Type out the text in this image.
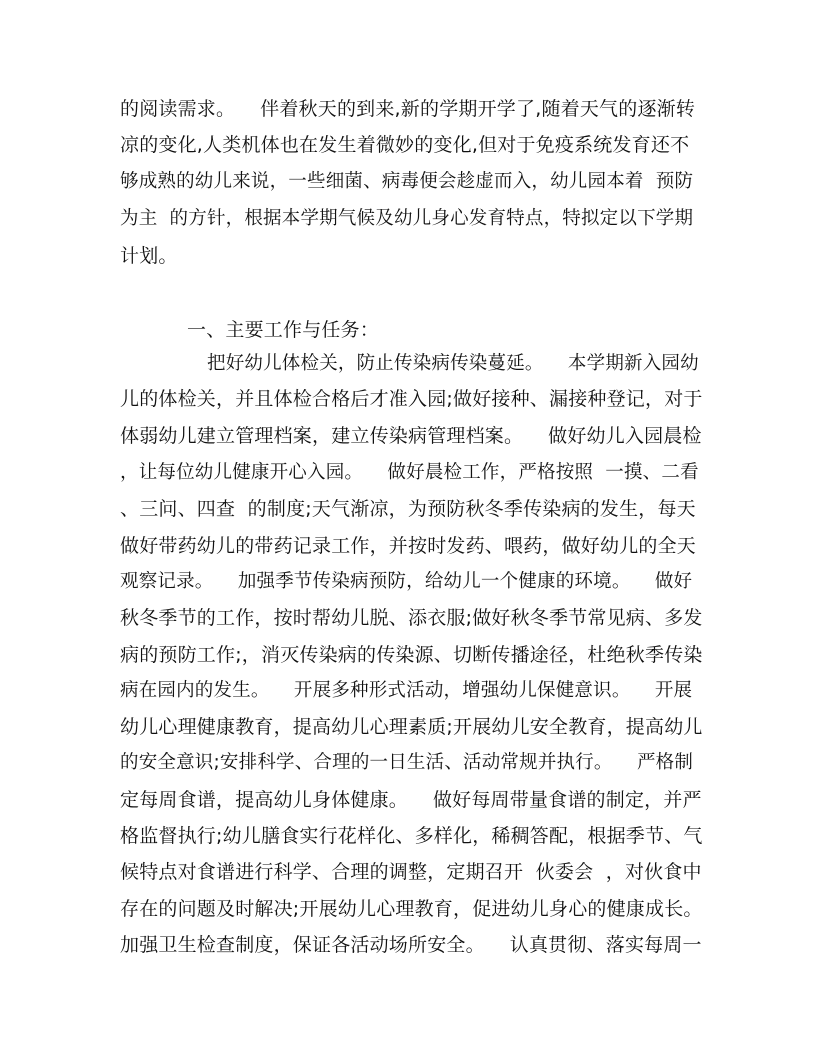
的阅读需求。    伴着秋天的到来,新的学期开学了,随着天气的逐渐转
凉的变化,人类机体也在发生着微妙的变化,但对于免疫系统发育还不
够成熟的幼儿来说，一些细菌、病毒便会趁虚而入，幼儿园本着  预防
为主  的方针，根据本学期气候及幼儿身心发育特点，特拟定以下学期
计划。
一、主要工作与任务：
把好幼儿体检关，防止传染病传染蔓延。    本学期新入园幼
儿的体检关，并且体检合格后才准入园;做好接种、漏接种登记，对于
体弱幼儿建立管理档案，建立传染病管理档案。    做好幼儿入园晨检
，让每位幼儿健康开心入园。    做好晨检工作，严格按照  一摸、二看
、三问、四查  的制度;天气渐凉，为预防秋冬季传染病的发生，每天
做好带药幼儿的带药记录工作，并按时发药、喂药，做好幼儿的全天
观察记录。    加强季节传染病预防，给幼儿一个健康的环境。    做好
秋冬季节的工作，按时帮幼儿脱、添衣服;做好秋冬季节常见病、多发
病的预防工作;，消灭传染病的传染源、切断传播途径，杜绝秋季传染
病在园内的发生。    开展多种形式活动，增强幼儿保健意识。    开展
幼儿心理健康教育，提高幼儿心理素质;开展幼儿安全教育，提高幼儿
的安全意识;安排科学、合理的一日生活、活动常规并执行。    严格制
定每周食谱，提高幼儿身体健康。    做好每周带量食谱的制定，并严
格监督执行;幼儿膳食实行花样化、多样化，稀稠答配，根据季节、气
候特点对食谱进行科学、合理的调整，定期召开  伙委会  ，对伙食中
存在的问题及时解决;开展幼儿心理教育，促进幼儿身心的健康成长。
加强卫生检查制度，保证各活动场所安全。    认真贯彻、落实每周一
